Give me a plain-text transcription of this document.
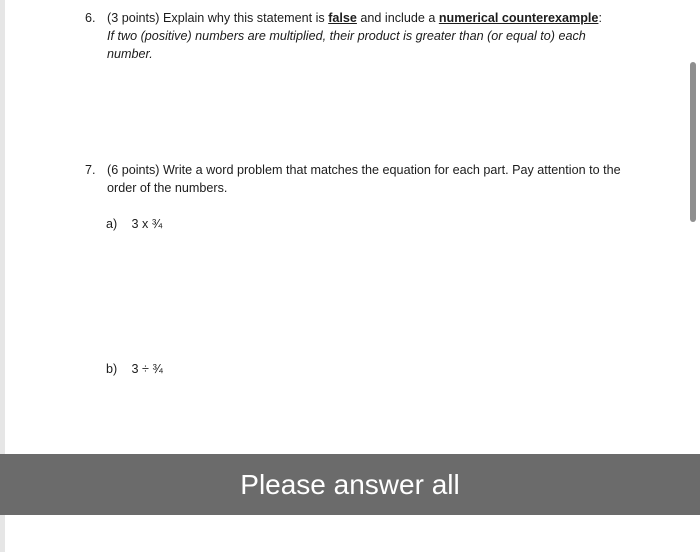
6. (3 points) Explain why this statement is false and include a numerical counterexample:
If two (positive) numbers are multiplied, their product is greater than (or equal to) each
number.
7. (6 points) Write a word problem that matches the equation for each part. Pay attention to the
order of the numbers.
a) 3 x ¾
b) 3 ÷ ¾
Please answer all
